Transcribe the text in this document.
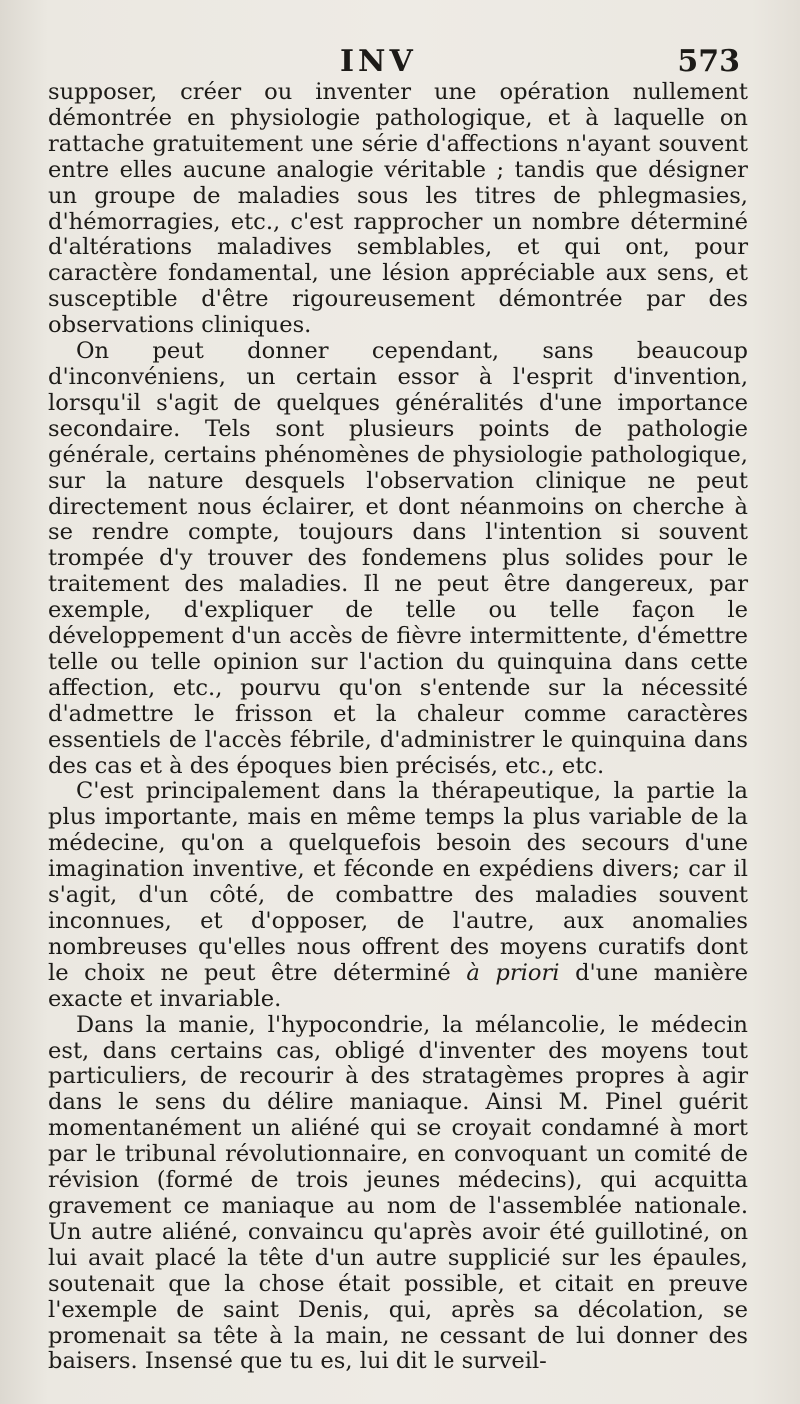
INV	573

supposer, créer ou inventer une opération nullement démontrée en physiologie pathologique, et à laquelle on rattache gratuitement une série d'affections n'ayant souvent entre elles aucune analogie véritable ; tandis que désigner un groupe de maladies sous les titres de phlegmasies, d'hémorragies, etc., c'est rapprocher un nombre déterminé d'altérations maladives semblables, et qui ont, pour caractère fondamental, une lésion appréciable aux sens, et susceptible d'être rigoureusement démontrée par des observations cliniques.

On peut donner cependant, sans beaucoup d'inconvéniens, un certain essor à l'esprit d'invention, lorsqu'il s'agit de quelques généralités d'une importance secondaire. Tels sont plusieurs points de pathologie générale, certains phénomènes de physiologie pathologique, sur la nature desquels l'observation clinique ne peut directement nous éclairer, et dont néanmoins on cherche à se rendre compte, toujours dans l'intention si souvent trompée d'y trouver des fondemens plus solides pour le traitement des maladies. Il ne peut être dangereux, par exemple, d'expliquer de telle ou telle façon le développement d'un accès de fièvre intermittente, d'émettre telle ou telle opinion sur l'action du quinquina dans cette affection, etc., pourvu qu'on s'entende sur la nécessité d'admettre le frisson et la chaleur comme caractères essentiels de l'accès fébrile, d'administrer le quinquina dans des cas et à des époques bien précisés, etc., etc.

C'est principalement dans la thérapeutique, la partie la plus importante, mais en même temps la plus variable de la médecine, qu'on a quelquefois besoin des secours d'une imagination inventive, et féconde en expédiens divers; car il s'agit, d'un côté, de combattre des maladies souvent inconnues, et d'opposer, de l'autre, aux anomalies nombreuses qu'elles nous offrent des moyens curatifs dont le choix ne peut être déterminé à priori d'une manière exacte et invariable.

Dans la manie, l'hypocondrie, la mélancolie, le médecin est, dans certains cas, obligé d'inventer des moyens tout particuliers, de recourir à des stratagèmes propres à agir dans le sens du délire maniaque. Ainsi M. Pinel guérit momentanément un aliéné qui se croyait condamné à mort par le tribunal révolutionnaire, en convoquant un comité de révision (formé de trois jeunes médecins), qui acquitta gravement ce maniaque au nom de l'assemblée nationale. Un autre aliéné, convaincu qu'après avoir été guillotiné, on lui avait placé la tête d'un autre supplicié sur les épaules, soutenait que la chose était possible, et citait en preuve l'exemple de saint Denis, qui, après sa décolation, se promenait sa tête à la main, ne cessant de lui donner des baisers. Insensé que tu es, lui dit le surveil-
